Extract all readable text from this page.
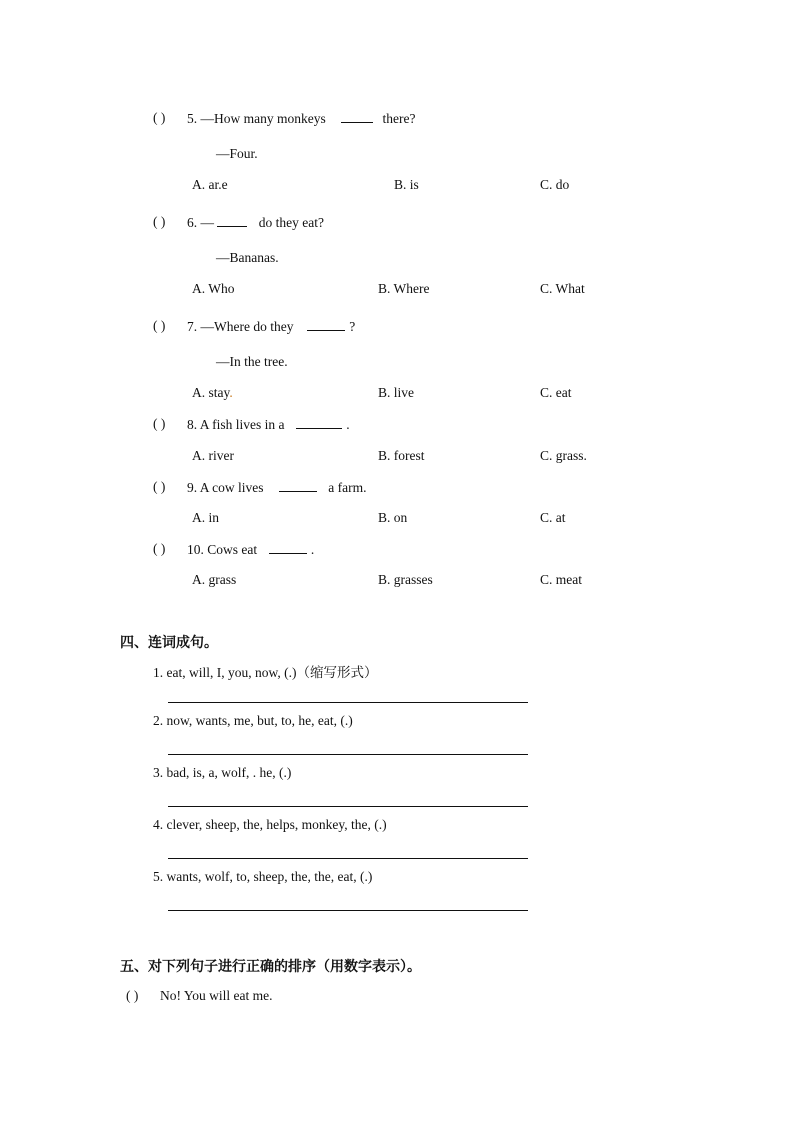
( ) 5. —How many monkeys	there?
—Four.
A. ar.e	B. is	C. do
( ) 6. —	do they eat?
—Bananas.
A. Who	B. Where	C. What
( ) 7. —Where do they	?
—In the tree.
A. stay.	B. live	C. eat
( ) 8. A fish lives in a	.
A. river	B. forest	C. grass.
( ) 9. A cow lives	a farm.
A. in	B. on	C. at
( ) 10. Cows eat	.
A. grass	B. grasses	C. meat
四、连词成句。
1. eat, will, I, you, now, (.)（缩写形式）
2. now, wants, me, but, to, he, eat, (.)
3. bad, is, a, wolf, . he, (.)
4. clever, sheep, the, helps, monkey, the, (.)
5. wants, wolf, to, sheep, the, the, eat, (.)
五、对下列句子进行正确的排序（用数字表示）。
( ) No! You will eat me.
